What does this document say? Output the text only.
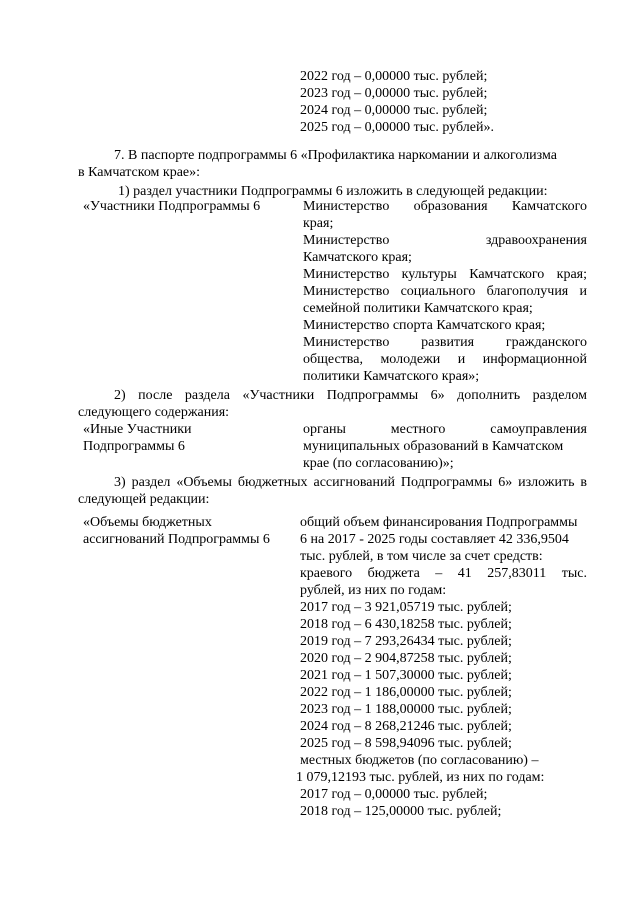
2022 год – 0,00000 тыс. рублей;
2023 год – 0,00000 тыс. рублей;
2024 год – 0,00000 тыс. рублей;
2025 год – 0,00000 тыс. рублей».
7. В паспорте подпрограммы 6 «Профилактика наркомании и алкоголизма
в Камчатском крае»:
1) раздел участники Подпрограммы 6 изложить в следующей редакции:
«Участники Подпрограммы 6	Министерство образования Камчатского
края;
Министерство здравоохранения
Камчатского края;
Министерство культуры Камчатского края;
Министерство социального благополучия и
семейной политики Камчатского края;
Министерство спорта Камчатского края;
Министерство развития гражданского
общества, молодежи и информационной
политики Камчатского края»;
2) после раздела «Участники Подпрограммы 6» дополнить разделом
следующего содержания:
«Иные Участники
Подпрограммы 6
органы местного самоуправления
муниципальных образований в Камчатском
крае (по согласованию)»;
3) раздел «Объемы бюджетных ассигнований Подпрограммы 6» изложить в
следующей редакции:
«Объемы бюджетных
ассигнований Подпрограммы 6
общий объем финансирования Подпрограммы
6 на 2017 - 2025 годы составляет 42 336,9504
тыс. рублей, в том числе за счет средств:
краевого бюджета – 41 257,83011 тыс.
рублей, из них по годам:
2017 год – 3 921,05719 тыс. рублей;
2018 год – 6 430,18258 тыс. рублей;
2019 год – 7 293,26434 тыс. рублей;
2020 год – 2 904,87258 тыс. рублей;
2021 год – 1 507,30000 тыс. рублей;
2022 год – 1 186,00000 тыс. рублей;
2023 год – 1 188,00000 тыс. рублей;
2024 год – 8 268,21246 тыс. рублей;
2025 год – 8 598,94096 тыс. рублей;
местных бюджетов (по согласованию) –
1 079,12193 тыс. рублей, из них по годам:
2017 год – 0,00000 тыс. рублей;
2018 год – 125,00000 тыс. рублей;
